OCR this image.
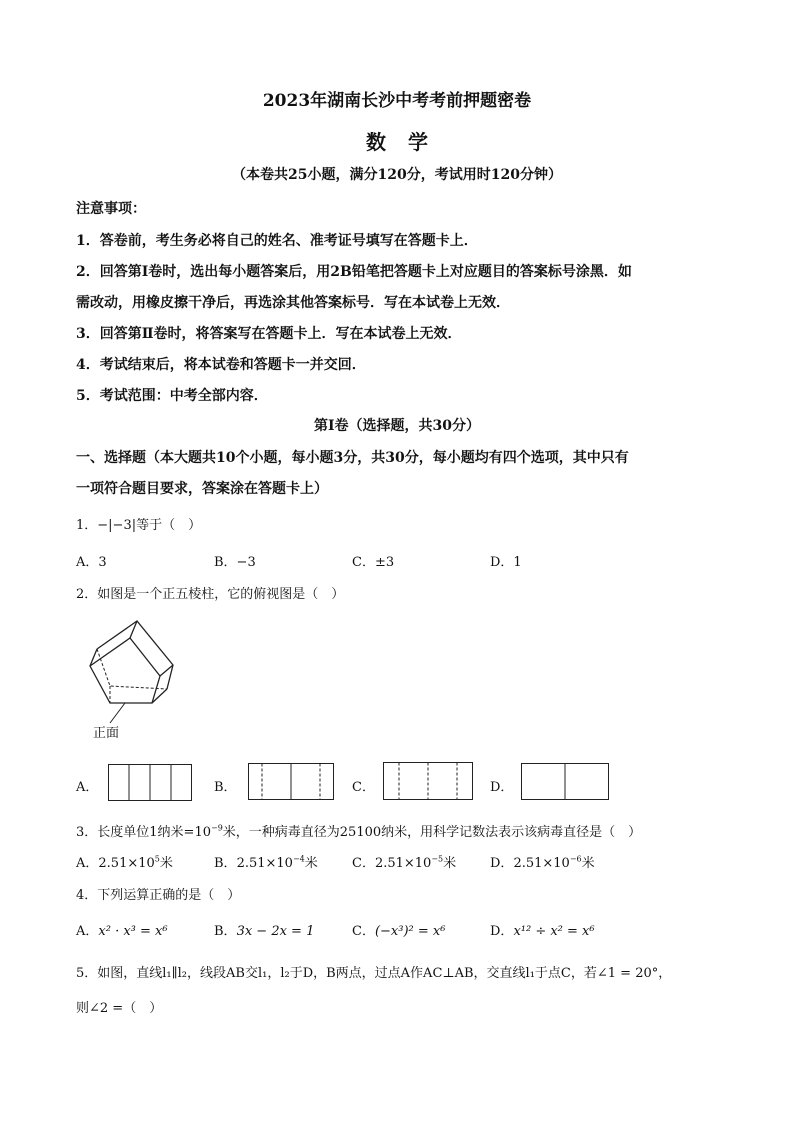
2023年湖南长沙中考考前押题密卷
数学
（本卷共25小题，满分120分，考试用时120分钟）
注意事项：
1．答卷前，考生务必将自己的姓名、准考证号填写在答题卡上．
2．回答第Ⅰ卷时，选出每小题答案后，用2B铅笔把答题卡上对应题目的答案标号涂黑．如
需改动，用橡皮擦干净后，再选涂其他答案标号．写在本试卷上无效．
3．回答第Ⅱ卷时，将答案写在答题卡上．写在本试卷上无效．
4．考试结束后，将本试卷和答题卡一并交回．
5．考试范围：中考全部内容．
第Ⅰ卷（选择题，共30分）
一、选择题（本大题共10个小题，每小题3分，共30分，每小题均有四个选项，其中只有
一项符合题目要求，答案涂在答题卡上）
1．−|−3|等于（　）
A．3	B．−3	C．±3	D．1
2．如图是一个正五棱柱，它的俯视图是（　）
正面
A．	B．	C．	D．
3．长度单位1纳米$=10^{-9}$米，一种病毒直径为25100纳米，用科学记数法表示该病毒直径是（　）
A．$2.51\times 10^5$米	B．$2.51\times 10^{-4}$米	C．$2.51\times 10^{-5}$米	D．$2.51\times 10^{-6}$米
4．下列运算正确的是（　）
A．x² · x³ = x⁶	B．3x − 2x = 1	C．(−x³)² = x⁶	D．x¹² ÷ x² = x⁶
5．如图，直线l₁∥l₂，线段AB交l₁，l₂于D，B两点，过点A作AC⊥AB，交直线l₁于点C，若∠1 = 20°，
则∠2 =（　）
